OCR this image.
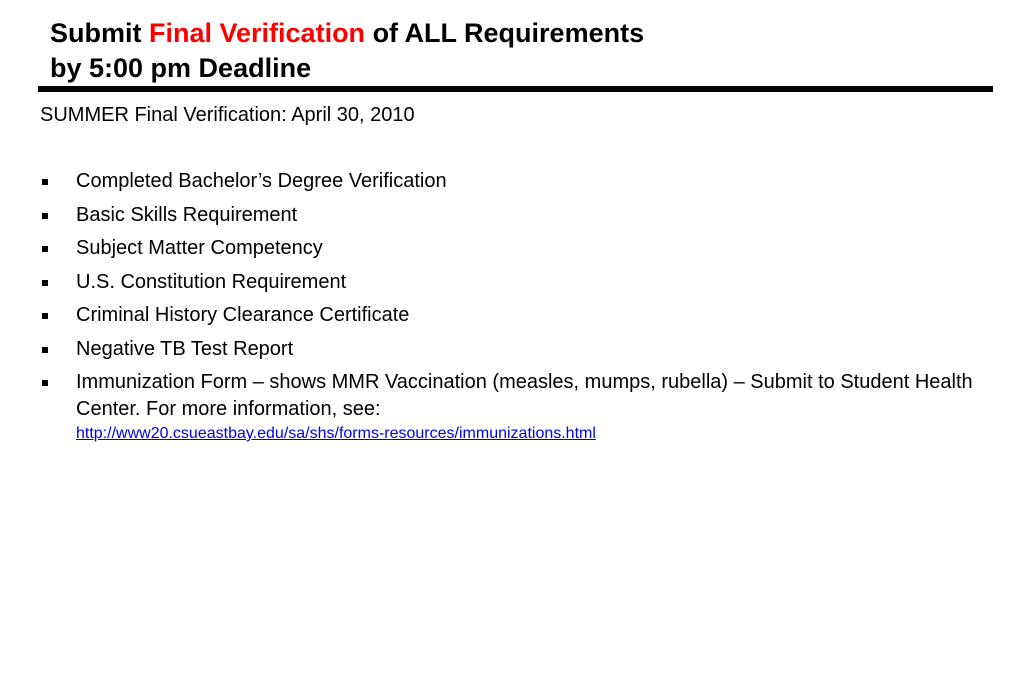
Submit Final Verification of ALL Requirements
by 5:00 pm Deadline

SUMMER Final Verification: April 30, 2010

Completed Bachelor’s Degree Verification
Basic Skills Requirement
Subject Matter Competency
U.S. Constitution Requirement
Criminal History Clearance Certificate
Negative TB Test Report
Immunization Form – shows MMR Vaccination (measles, mumps, rubella) – Submit to Student Health Center. For more information, see:
http://www20.csueastbay.edu/sa/shs/forms-resources/immunizations.html
